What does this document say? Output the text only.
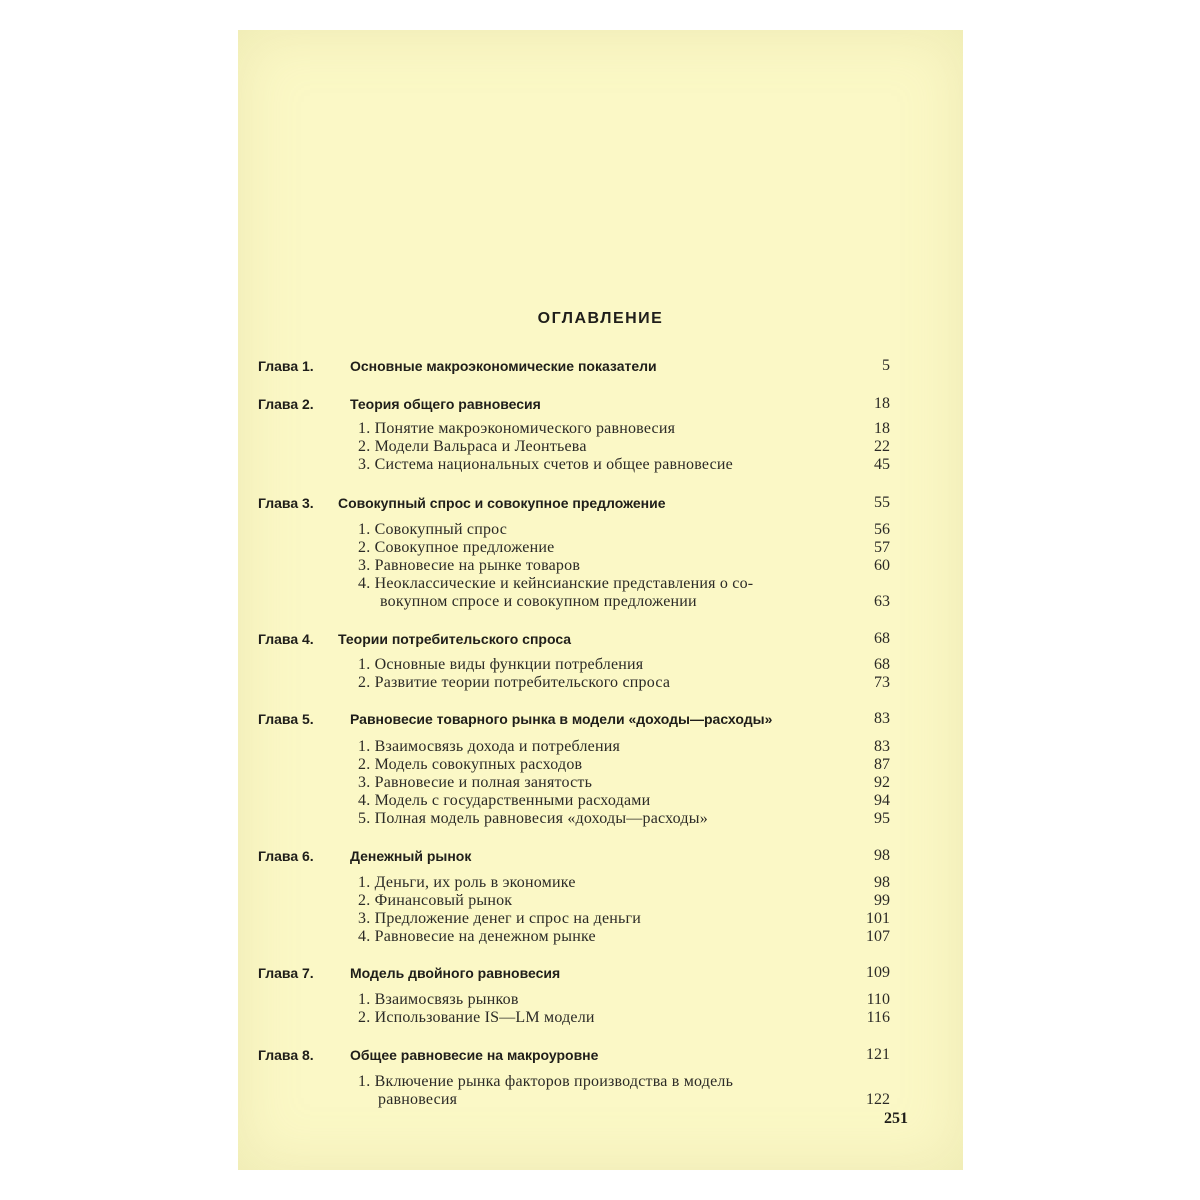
ОГЛАВЛЕНИЕ
Глава 1.	Основные макроэкономические показатели	5
Глава 2.	Теория общего равновесия	18
1. Понятие макроэкономического равновесия	18
2. Модели Вальраса и Леонтьева	22
3. Система национальных счетов и общее равновесие	45
Глава 3. Совокупный спрос и совокупное предложение	55
1. Совокупный спрос	56
2. Совокупное предложение	57
3. Равновесие на рынке товаров	60
4. Неоклассические и кейнсианские представления о со-
вокупном спросе и совокупном предложении	63
Глава 4. Теории потребительского спроса	68
1. Основные виды функции потребления	68
2. Развитие теории потребительского спроса	73
Глава 5.	Равновесие товарного рынка в модели «доходы—расходы»	83
1. Взаимосвязь дохода и потребления	83
2. Модель совокупных расходов	87
3. Равновесие и полная занятость	92
4. Модель с государственными расходами	94
5. Полная модель равновесия «доходы—расходы»	95
Глава 6.	Денежный рынок	98
1. Деньги, их роль в экономике	98
2. Финансовый рынок	99
3. Предложение денег и спрос на деньги	101
4. Равновесие на денежном рынке	107
Глава 7.	Модель двойного равновесия	109
1. Взаимосвязь рынков	110
2. Использование IS—LM модели	116
Глава 8.	Общее равновесие на макроуровне	121
1. Включение рынка факторов производства в модель
равновесия	122
251
